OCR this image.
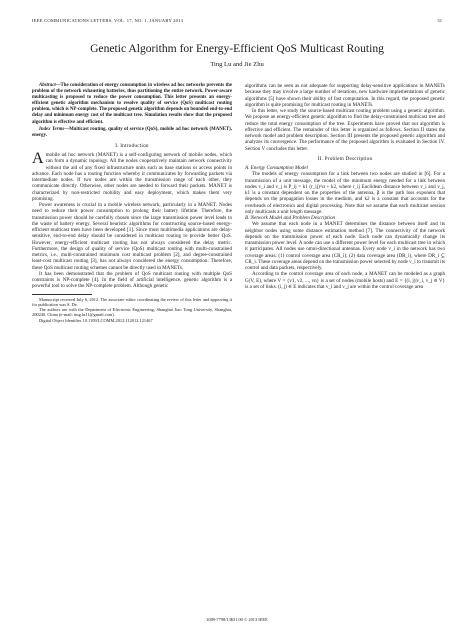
IEEE COMMUNICATIONS LETTERS, VOL. 17, NO. 1, JANUARY 2013	31
Genetic Algorithm for Energy-Efficient QoS Multicast Routing
Ting Lu and Jie Zhu

Abstract—The consideration of energy consumption in wireless ad hoc networks prevents the problem of the network exhausting batteries, thus partitioning the entire network. Power-aware multicasting is proposed to reduce the power consumption. This letter presents an energy-efficient genetic algorithm mechanism to resolve quality of service (QoS) multicast routing problem, which is NP-complete. The proposed genetic algorithm depends on bounded end-to-end delay and minimum energy cost of the multicast tree. Simulation results show that the proposed algorithm is effective and efficient.

Index Terms—Multicast routing, quality of service (QoS), mobile ad hoc network (MANET), energy.

I. Introduction

Amobile ad hoc network (MANET) is a self-configuring network of mobile nodes, which can form a dynamic topology. All the nodes cooperatively maintain network connectivity without the aid of any fixed infrastructure units such as base stations or access points in advance. Each node has a routing function whereby it communicates by forwarding packets via intermediate nodes. If two nodes are within the transmission range of each other, they communicate directly. Otherwise, other nodes are needed to forward their packets. MANET is characterized by non-restricted mobility and easy deployment, which makes them very promising.

Power awareness is crucial in a mobile wireless network, particularly in a MANET. Nodes need to reduce their power consumption to prolong their battery lifetime. Therefore, the transmission power should be carefully chosen since the large transmission power level leads to the waste of battery energy. Several heuristic algorithms for constructing source-based energy-efficient multicast trees have been developed [1]. Since most multimedia applications are delay-sensitive, end-to-end delay should be considered in multicast routing to provide better QoS. However, energy-efficient multicast routing has not always considered the delay metric. Furthermore, the design of quality of service (QoS) multicast routing with multi-constrained metrics, i.e., multi-constrained minimum cost multicast problem [2], and degree-constrained least-cost multicast routing [3], has not always considered the energy consumption. Therefore, these QoS multicast routing schemes cannot be directly used in MANETs.

It has been demonstrated that the problem of QoS multicast routing with multiple QoS constraints is NP-complete [4]. In the field of artificial intelligence, genetic algorithm is a powerful tool to solve the NP-complete problem. Although genetic

Manuscript received July 6, 2012. The associate editor coordinating the review of this letter and approving it for publication was S. De.

The authors are with the Department of Electronic Engineering, Shanghai Jiao Tong University, Shanghai, 200240, China (e-mail: ting.lu11@gmail.com).

Digital Object Identifier 10.1109/LCOMM.2012.112012.121467

algorithms can be seen as not adequate for supporting delay-sensitive applications in MANETs because they may involve a large number of iterations, new hardware implementations of genetic algorithms [5] have shown their ability of fast computation. In this regard, the proposed genetic algorithm is quite promising for multicast routing in MANETs.

In this letter, we study the source-based multicast routing problem using a genetic algorithm. We propose an energy-efficient genetic algorithm to find the delay-constrained multicast tree and reduce the total energy consumption of the tree. Experiments have proved that our algorithm is effective and efficient. The remainder of this letter is organized as follows. Section II states the network model and problem description. Section III presents the proposed genetic algorithm and analyzes its convergence. The performance of the proposed algorithm is evaluated in Section IV. Section V concludes this letter.

II. Problem Description

A. Energy Consumption Model

The models of energy consumption for a link between two nodes are studied in [6]. For a transmission of a unit message, the model of the minimum energy needed for a link between nodes v_i and v_j is P_ij = k1 (r_ij)^α + k2, where r_ij Euclidean distance between v_i and v_j, k1 is a constant dependent on the properties of the antenna, β is the path loss exponent that depends on the propagation losses in the medium, and k2 is a constant that accounts for the overheads of electronics and digital processing. Note that we assume that each multicast session only multicasts a unit length message.

B. Network Model and Problem Description

We assume that each node in a MANET determines the distance between itself and its neighbor nodes using some distance estimation method [7]. The connectivity of the network depends on the transmission power of each node. Each node can dynamically change its transmission power level. A node can use a different power level for each multicast tree in which it participates. All nodes use omni-directional antennas. Every node v_i in the network has two coverage areas: (1) control coverage area (CR_i); (2) data coverage area (DR_i), where DR_i ⊆ CR_i. These coverage areas depend on the transmission power selected by node v_i to transmit its control and data packets, respectively.

According to the control coverage area of each node, a MANET can be modeled as a graph G(V, E), where V = {v1, v2, ..., vn} is a set of nodes (mobile hosts) and E = {(i, j)|v_i, v_j ∈ V} is a set of links. (i, j) ∈ E indicates that v_i and v_j are within the control coverage area

1089-7798/13$31.00 © 2013 IEEE
